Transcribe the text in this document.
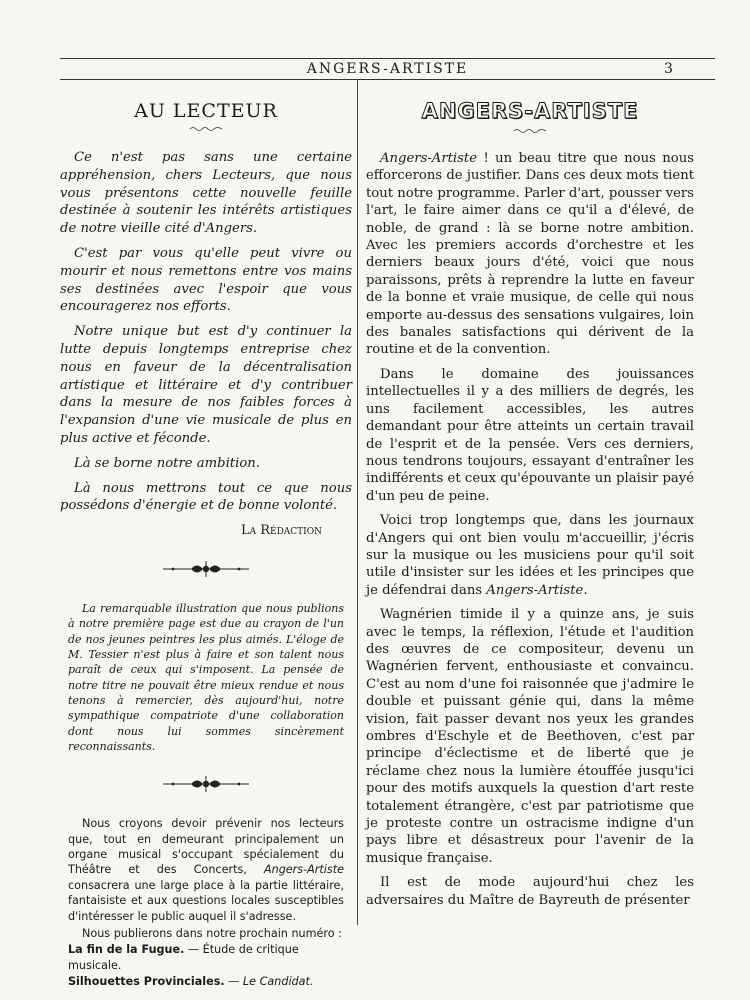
ANGERS-ARTISTE	3
AU LECTEUR

Ce n'est pas sans une certaine appréhension, chers Lecteurs, que nous vous présentons cette nouvelle feuille destinée à soutenir les intérêts artistiques de notre vieille cité d'Angers.

C'est par vous qu'elle peut vivre ou mourir et nous remettons entre vos mains ses destinées avec l'espoir que vous encouragerez nos efforts.

Notre unique but est d'y continuer la lutte depuis longtemps entreprise chez nous en faveur de la décentralisation artistique et littéraire et d'y contribuer dans la mesure de nos faibles forces à l'expansion d'une vie musicale de plus en plus active et féconde.

Là se borne notre ambition.

Là nous mettrons tout ce que nous possédons d'énergie et de bonne volonté.

La Rédaction

La remarquable illustration que nous publions à notre première page est due au crayon de l'un de nos jeunes peintres les plus aimés. L'éloge de M. Tessier n'est plus à faire et son talent nous paraît de ceux qui s'imposent. La pensée de notre titre ne pouvait être mieux rendue et nous tenons à remercier, dès aujourd'hui, notre sympathique compatriote d'une collaboration dont nous lui sommes sincèrement reconnaissants.

Nous croyons devoir prévenir nos lecteurs que, tout en demeurant principalement un organe musical s'occupant spécialement du Théâtre et des Concerts, Angers-Artiste consacrera une large place à la partie littéraire, fantaisiste et aux questions locales susceptibles d'intéresser le public auquel il s'adresse.

Nous publierons dans notre prochain numéro :

La fin de la Fugue. — Étude de critique musicale.
Silhouettes Provinciales. — Le Candidat.
ANGERS-ARTISTE

Angers-Artiste ! un beau titre que nous nous efforcerons de justifier. Dans ces deux mots tient tout notre programme. Parler d'art, pousser vers l'art, le faire aimer dans ce qu'il a d'élevé, de noble, de grand : là se borne notre ambition. Avec les premiers accords d'orchestre et les derniers beaux jours d'été, voici que nous paraissons, prêts à reprendre la lutte en faveur de la bonne et vraie musique, de celle qui nous emporte au-dessus des sensations vulgaires, loin des banales satisfactions qui dérivent de la routine et de la convention.

Dans le domaine des jouissances intellectuelles il y a des milliers de degrés, les uns facilement accessibles, les autres demandant pour être atteints un certain travail de l'esprit et de la pensée. Vers ces derniers, nous tendrons toujours, essayant d'entraîner les indifférents et ceux qu'épouvante un plaisir payé d'un peu de peine.

Voici trop longtemps que, dans les journaux d'Angers qui ont bien voulu m'accueillir, j'écris sur la musique ou les musiciens pour qu'il soit utile d'insister sur les idées et les principes que je défendrai dans Angers-Artiste.

Wagnérien timide il y a quinze ans, je suis avec le temps, la réflexion, l'étude et l'audition des œuvres de ce compositeur, devenu un Wagnérien fervent, enthousiaste et convaincu. C'est au nom d'une foi raisonnée que j'admire le double et puissant génie qui, dans la même vision, fait passer devant nos yeux les grandes ombres d'Eschyle et de Beethoven, c'est par principe d'éclectisme et de liberté que je réclame chez nous la lumière étouffée jusqu'ici pour des motifs auxquels la question d'art reste totalement étrangère, c'est par patriotisme que je proteste contre un ostracisme indigne d'un pays libre et désastreux pour l'avenir de la musique française.

Il est de mode aujourd'hui chez les adversaires du Maître de Bayreuth de présenter
